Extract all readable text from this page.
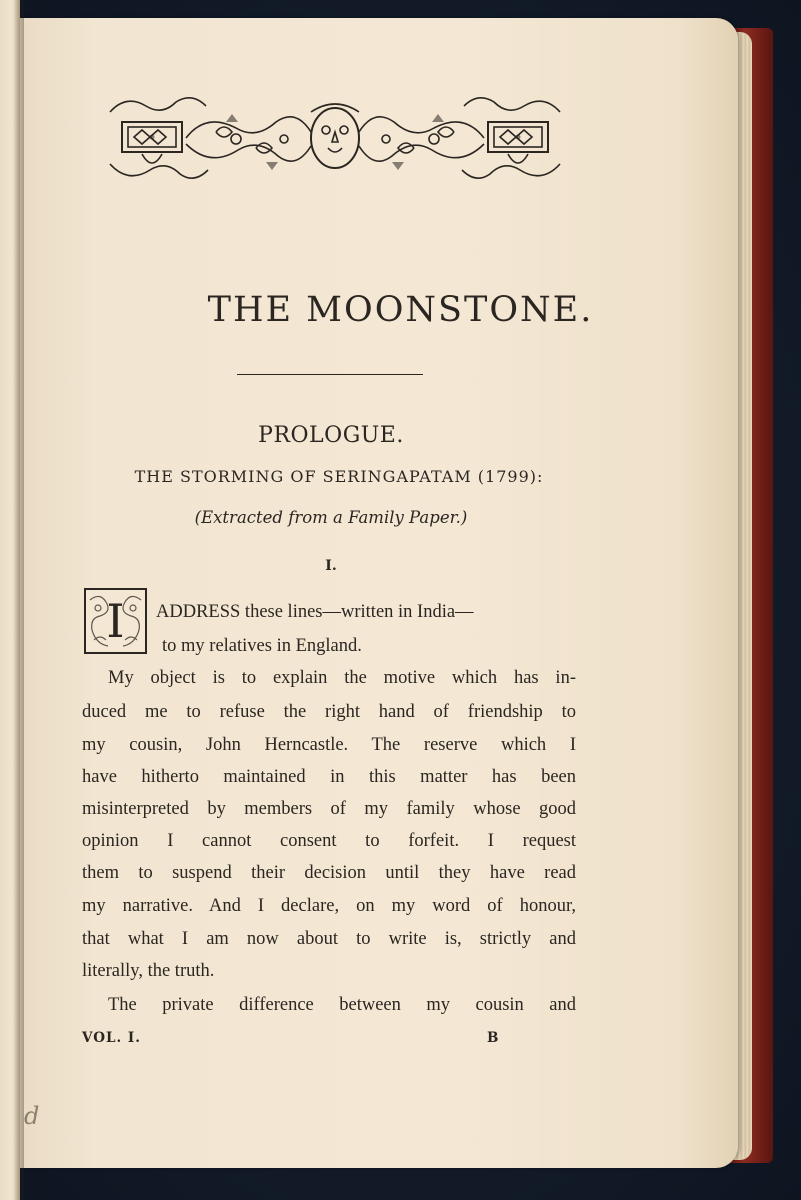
THE MOONSTONE.
PROLOGUE.
THE STORMING OF SERINGAPATAM (1799):
(Extracted from a Family Paper.)
I.
I	ADDRESS these lines—written in India—
to my relatives in England.
My object is to explain the motive which has in-
duced me to refuse the right hand of friendship to
my cousin, John Herncastle. The reserve which I
have hitherto maintained in this matter has been
misinterpreted by members of my family whose good
opinion I cannot consent to forfeit. I request
them to suspend their decision until they have read
my narrative. And I declare, on my word of honour,
that what I am now about to write is, strictly and
literally, the truth.
The private difference between my cousin and
VOL. I.	B
d
